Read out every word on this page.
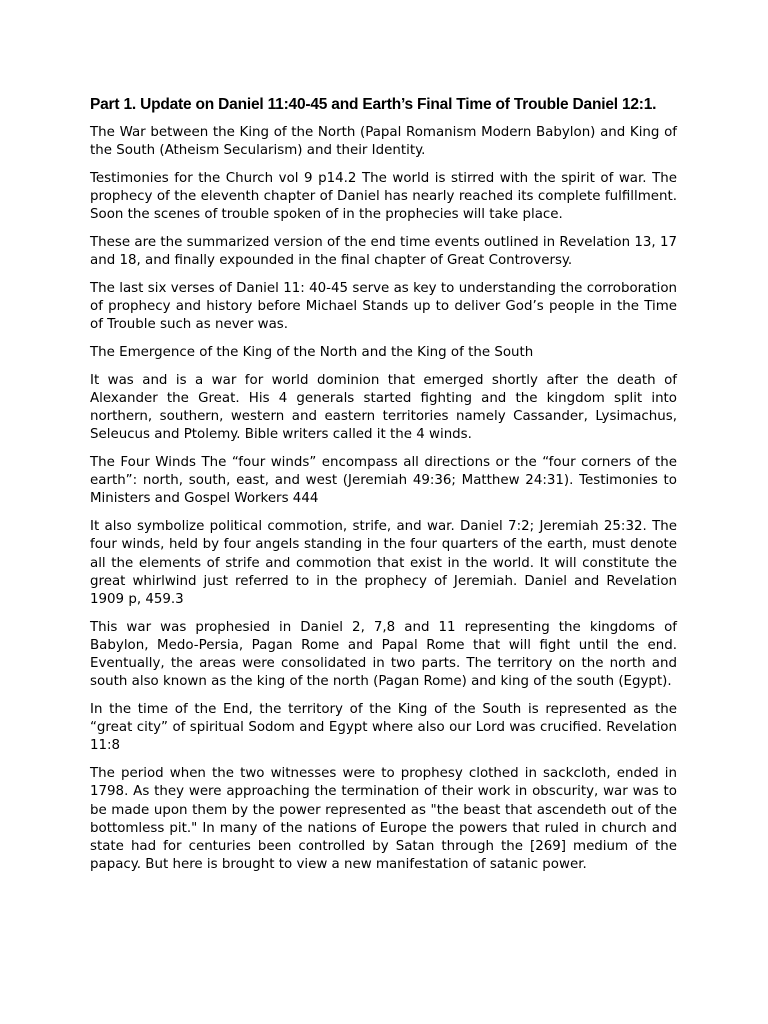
Part 1. Update on Daniel 11:40-45 and Earth’s Final Time of Trouble Daniel 12:1.

The War between the King of the North (Papal Romanism Modern Babylon) and King of the South (Atheism Secularism) and their Identity.

Testimonies for the Church vol 9 p14.2 The world is stirred with the spirit of war. The prophecy of the eleventh chapter of Daniel has nearly reached its complete fulfillment. Soon the scenes of trouble spoken of in the prophecies will take place.

These are the summarized version of the end time events outlined in Revelation 13, 17 and 18, and finally expounded in the final chapter of Great Controversy.

The last six verses of Daniel 11: 40-45 serve as key to understanding the corroboration of prophecy and history before Michael Stands up to deliver God’s people in the Time of Trouble such as never was.

The Emergence of the King of the North and the King of the South

It was and is a war for world dominion that emerged shortly after the death of Alexander the Great. His 4 generals started fighting and the kingdom split into northern, southern, western and eastern territories namely Cassander, Lysimachus, Seleucus and Ptolemy. Bible writers called it the 4 winds.

The Four Winds The “four winds” encompass all directions or the “four corners of the earth”: north, south, east, and west (Jeremiah 49:36; Matthew 24:31). Testimonies to Ministers and Gospel Workers 444

It also symbolize political commotion, strife, and war. Daniel 7:2; Jeremiah 25:32. The four winds, held by four angels standing in the four quarters of the earth, must denote all the elements of strife and commotion that exist in the world. It will constitute the great whirlwind just referred to in the prophecy of Jeremiah. Daniel and Revelation 1909 p, 459.3

This war was prophesied in Daniel 2, 7,8 and 11 representing the kingdoms of Babylon, Medo-Persia, Pagan Rome and Papal Rome that will fight until the end. Eventually, the areas were consolidated in two parts. The territory on the north and south also known as the king of the north (Pagan Rome) and king of the south (Egypt).

In the time of the End, the territory of the King of the South is represented as the “great city” of spiritual Sodom and Egypt where also our Lord was crucified. Revelation 11:8

The period when the two witnesses were to prophesy clothed in sackcloth, ended in 1798. As they were approaching the termination of their work in obscurity, war was to be made upon them by the power represented as "the beast that ascendeth out of the bottomless pit." In many of the nations of Europe the powers that ruled in church and state had for centuries been controlled by Satan through the [269] medium of the papacy. But here is brought to view a new manifestation of satanic power.
